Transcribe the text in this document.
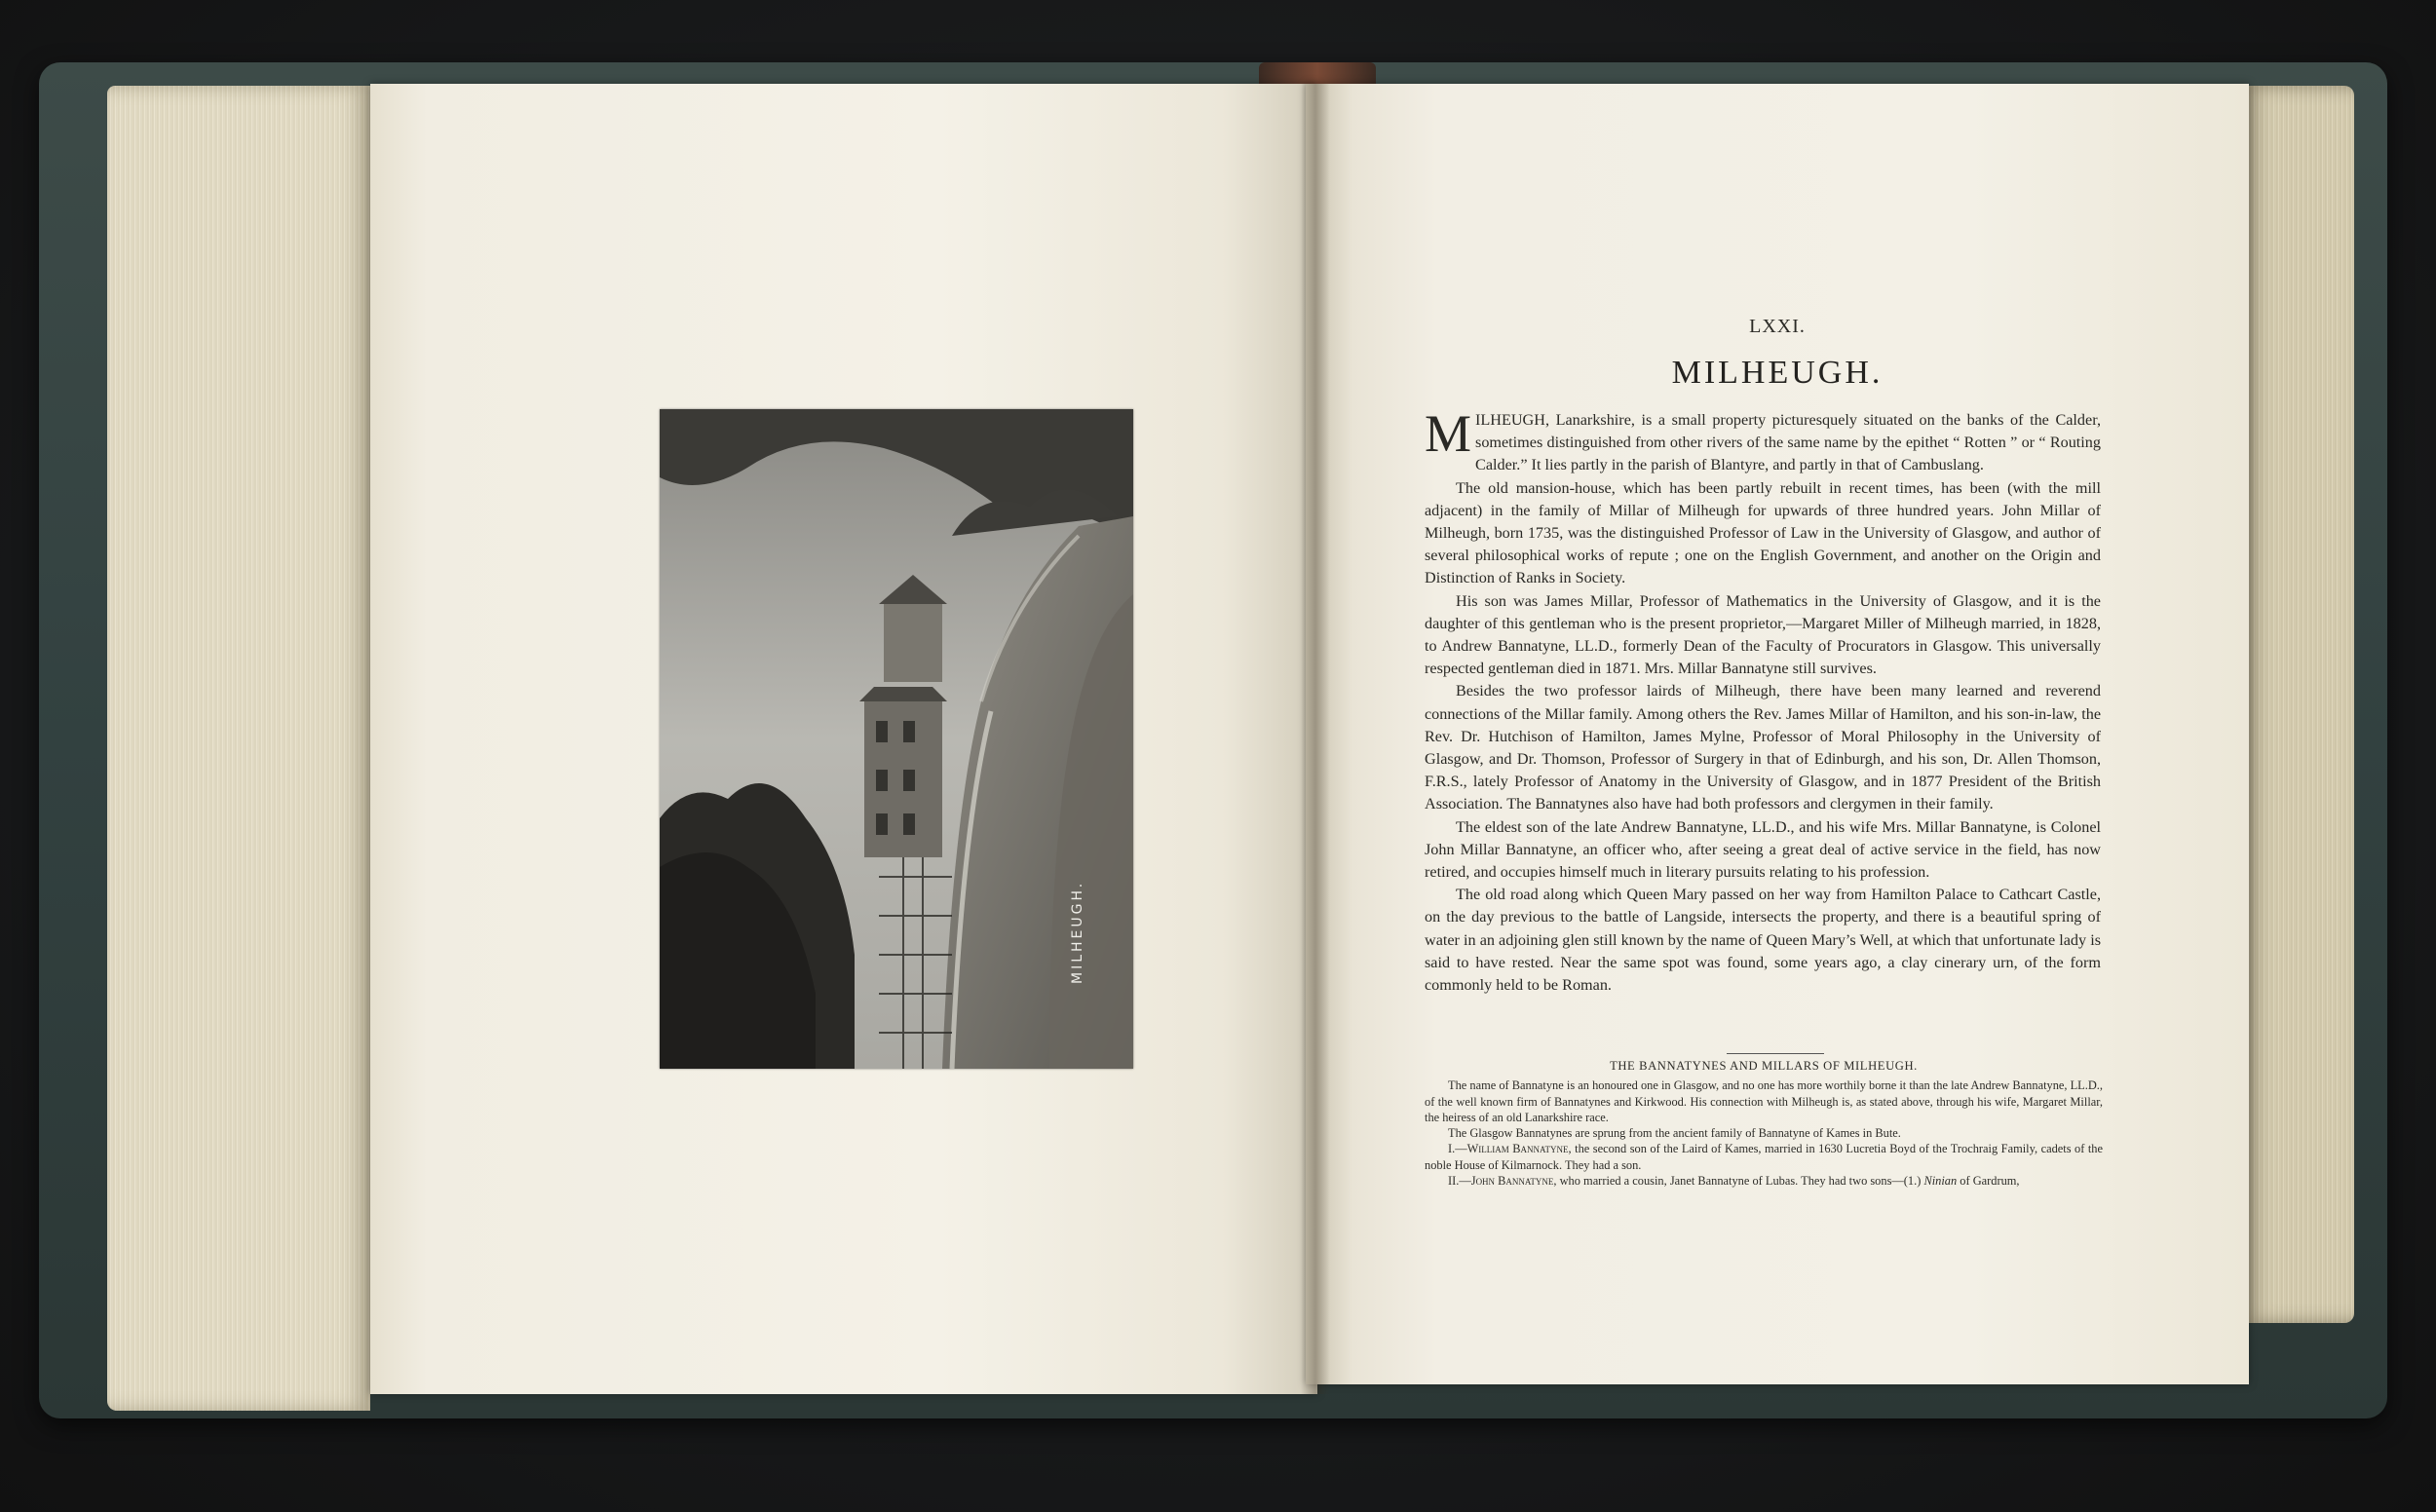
MILHEUGH.
LXXI.
MILHEUGH.

MILHEUGH, Lanarkshire, is a small property picturesquely situated on the banks of the Calder, sometimes distinguished from other rivers of the same name by the epithet “ Rotten ” or “ Routing Calder.” It lies partly in the parish of Blantyre, and partly in that of Cambuslang.

The old mansion-house, which has been partly rebuilt in recent times, has been (with the mill adjacent) in the family of Millar of Milheugh for upwards of three hundred years. John Millar of Milheugh, born 1735, was the distinguished Professor of Law in the University of Glasgow, and author of several philosophical works of repute ; one on the English Government, and another on the Origin and Distinction of Ranks in Society.

His son was James Millar, Professor of Mathematics in the University of Glasgow, and it is the daughter of this gentleman who is the present proprietor,—Margaret Miller of Milheugh married, in 1828, to Andrew Bannatyne, LL.D., formerly Dean of the Faculty of Procurators in Glasgow. This universally respected gentleman died in 1871. Mrs. Millar Bannatyne still survives.

Besides the two professor lairds of Milheugh, there have been many learned and reverend connections of the Millar family. Among others the Rev. James Millar of Hamilton, and his son-in-law, the Rev. Dr. Hutchison of Hamilton, James Mylne, Professor of Moral Philosophy in the University of Glasgow, and Dr. Thomson, Professor of Surgery in that of Edinburgh, and his son, Dr. Allen Thomson, F.R.S., lately Professor of Anatomy in the University of Glasgow, and in 1877 President of the British Association. The Bannatynes also have had both professors and clergymen in their family.

The eldest son of the late Andrew Bannatyne, LL.D., and his wife Mrs. Millar Bannatyne, is Colonel John Millar Bannatyne, an officer who, after seeing a great deal of active service in the field, has now retired, and occupies himself much in literary pursuits relating to his profession.

The old road along which Queen Mary passed on her way from Hamilton Palace to Cathcart Castle, on the day previous to the battle of Langside, intersects the property, and there is a beautiful spring of water in an adjoining glen still known by the name of Queen Mary’s Well, at which that unfortunate lady is said to have rested. Near the same spot was found, some years ago, a clay cinerary urn, of the form commonly held to be Roman.

THE BANNATYNES AND MILLARS OF MILHEUGH.

The name of Bannatyne is an honoured one in Glasgow, and no one has more worthily borne it than the late Andrew Bannatyne, LL.D., of the well known firm of Bannatynes and Kirkwood. His connection with Milheugh is, as stated above, through his wife, Margaret Millar, the heiress of an old Lanarkshire race.

The Glasgow Bannatynes are sprung from the ancient family of Bannatyne of Kames in Bute.

I.—William Bannatyne, the second son of the Laird of Kames, married in 1630 Lucretia Boyd of the Trochraig Family, cadets of the noble House of Kilmarnock. They had a son.

II.—John Bannatyne, who married a cousin, Janet Bannatyne of Lubas. They had two sons—(1.) Ninian of Gardrum,
